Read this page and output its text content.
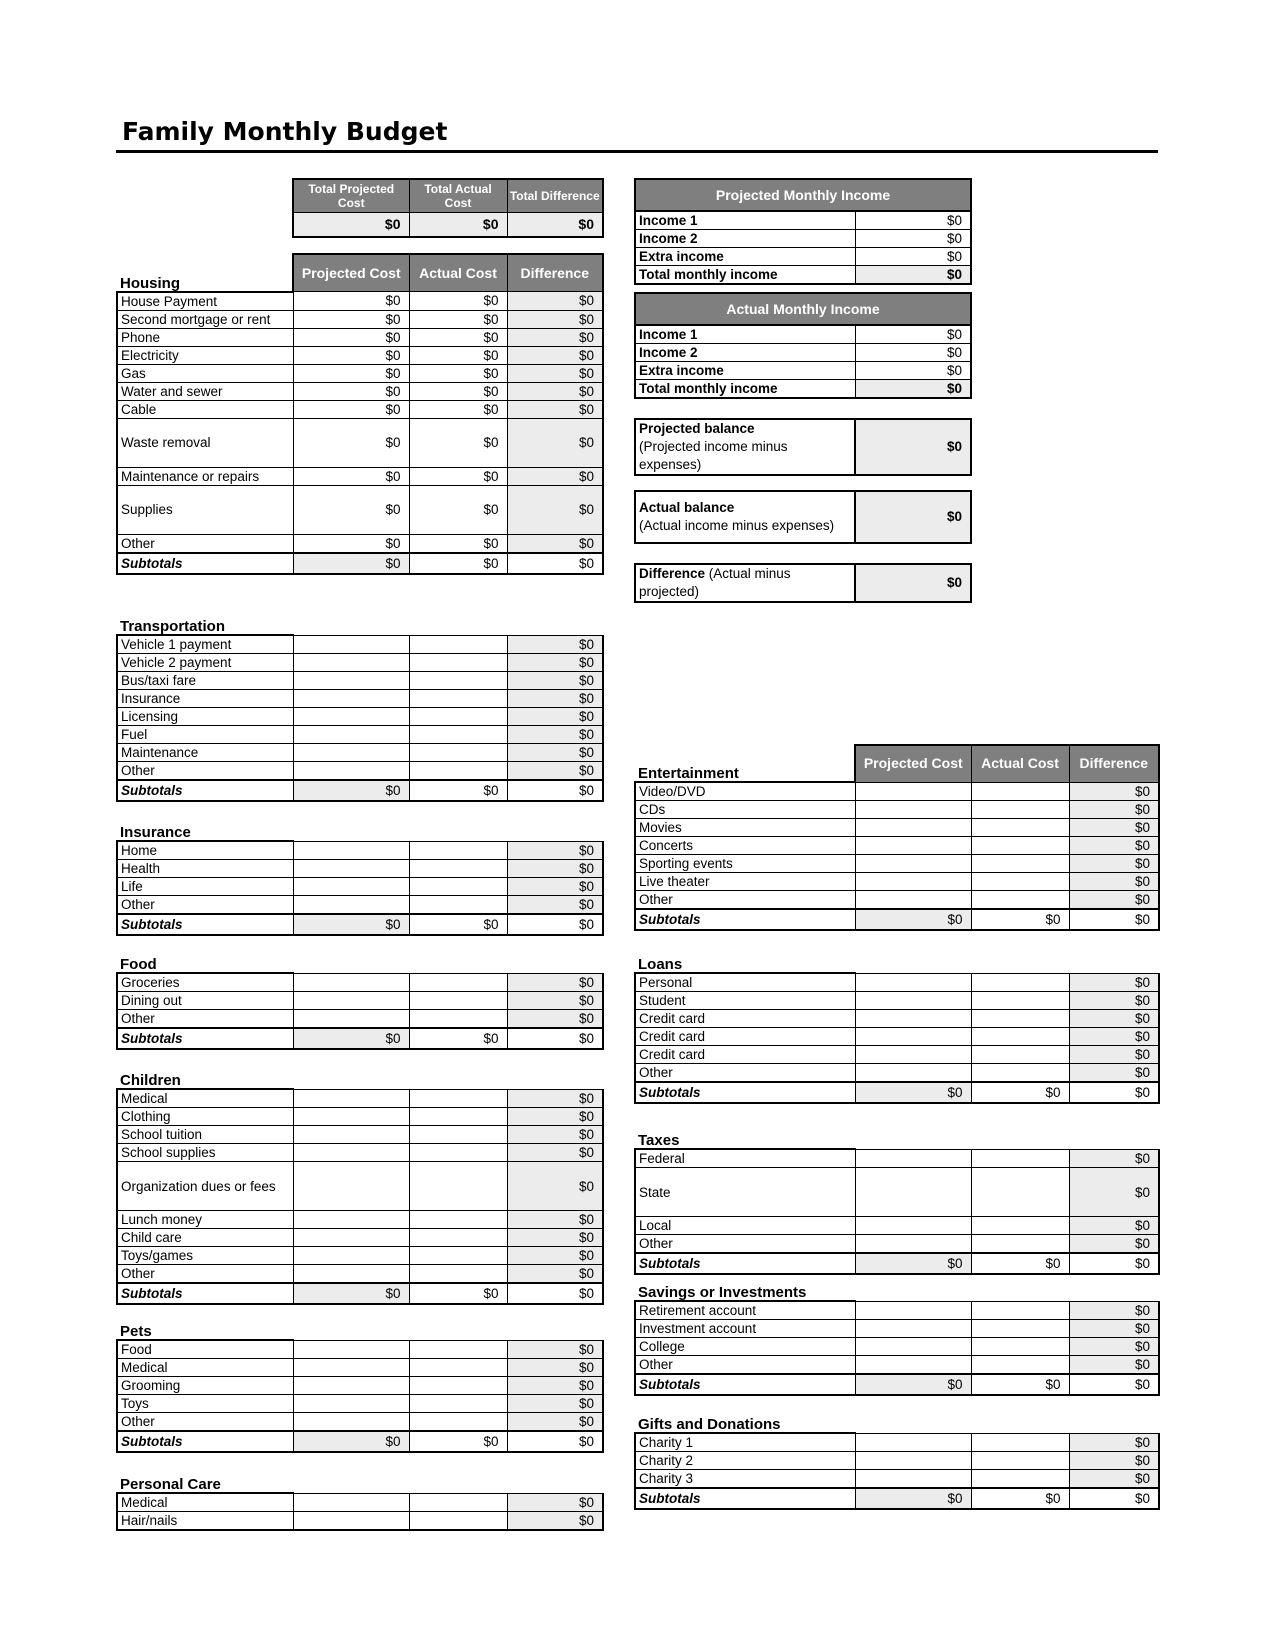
Family Monthly Budget
Total Projected Cost	Total Actual Cost	Total Difference
$0	$0	$0
Housing	Projected Cost	Actual Cost	Difference
House Payment	$0	$0	$0
Second mortgage or rent	$0	$0	$0
Phone	$0	$0	$0
Electricity	$0	$0	$0
Gas	$0	$0	$0
Water and sewer	$0	$0	$0
Cable	$0	$0	$0
Waste removal	$0	$0	$0
Maintenance or repairs	$0	$0	$0
Supplies	$0	$0	$0
Other	$0	$0	$0
Subtotals	$0	$0	$0
Transportation			
Vehicle 1 payment			$0
Vehicle 2 payment			$0
Bus/taxi fare			$0
Insurance			$0
Licensing			$0
Fuel			$0
Maintenance			$0
Other			$0
Subtotals	$0	$0	$0
Insurance			
Home			$0
Health			$0
Life			$0
Other			$0
Subtotals	$0	$0	$0
Food			
Groceries			$0
Dining out			$0
Other			$0
Subtotals	$0	$0	$0
Children			
Medical			$0
Clothing			$0
School tuition			$0
School supplies			$0
Organization dues or fees			$0
Lunch money			$0
Child care			$0
Toys/games			$0
Other			$0
Subtotals	$0	$0	$0
Pets			
Food			$0
Medical			$0
Grooming			$0
Toys			$0
Other			$0
Subtotals	$0	$0	$0
Personal Care			
Medical			$0
Hair/nails			$0
Projected Monthly Income	
Income 1	$0
Income 2	$0
Extra income	$0
Total monthly income	$0
Actual Monthly Income	
Income 1	$0
Income 2	$0
Extra income	$0
Total monthly income	$0
Projected balance
(Projected income minus expenses)	$0
Actual balance
(Actual income minus expenses)	$0
Difference (Actual minus projected)	$0
Entertainment	Projected Cost	Actual Cost	Difference
Video/DVD			$0
CDs			$0
Movies			$0
Concerts			$0
Sporting events			$0
Live theater			$0
Other			$0
Subtotals	$0	$0	$0
Loans			
Personal			$0
Student			$0
Credit card			$0
Credit card			$0
Credit card			$0
Other			$0
Subtotals	$0	$0	$0
Taxes			
Federal			$0
State			$0
Local			$0
Other			$0
Subtotals	$0	$0	$0
Savings or Investments			
Retirement account			$0
Investment account			$0
College			$0
Other			$0
Subtotals	$0	$0	$0
Gifts and Donations			
Charity 1			$0
Charity 2			$0
Charity 3			$0
Subtotals	$0	$0	$0
